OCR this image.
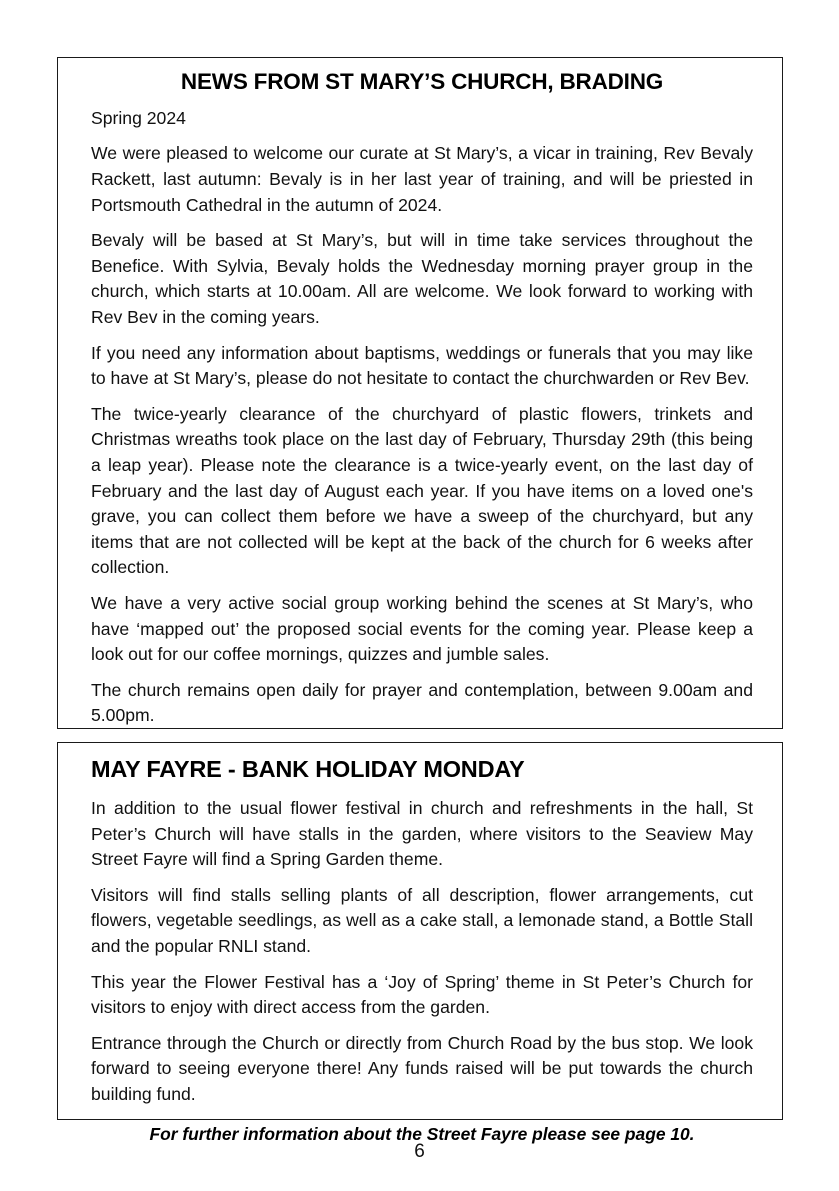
NEWS FROM ST MARY’S CHURCH, BRADING

Spring 2024

We were pleased to welcome our curate at St Mary’s, a vicar in training, Rev Bevaly Rackett, last autumn: Bevaly is in her last year of training, and will be priested in Portsmouth Cathedral in the autumn of 2024.

Bevaly will be based at St Mary’s, but will in time take services throughout the Benefice. With Sylvia, Bevaly holds the Wednesday morning prayer group in the church, which starts at 10.00am. All are welcome. We look forward to working with Rev Bev in the coming years.

If you need any information about baptisms, weddings or funerals that you may like to have at St Mary’s, please do not hesitate to contact the churchwarden or Rev Bev.

The twice-yearly clearance of the churchyard of plastic flowers, trinkets and Christmas wreaths took place on the last day of February, Thursday 29th (this being a leap year). Please note the clearance is a twice-yearly event, on the last day of February and the last day of August each year. If you have items on a loved one's grave, you can collect them before we have a sweep of the churchyard, but any items that are not collected will be kept at the back of the church for 6 weeks after collection.

We have a very active social group working behind the scenes at St Mary’s, who have ‘mapped out’ the proposed social events for the coming year. Please keep a look out for our coffee mornings, quizzes and jumble sales.

The church remains open daily for prayer and contemplation, between 9.00am and 5.00pm.

MAY FAYRE - BANK HOLIDAY MONDAY

In addition to the usual flower festival in church and refreshments in the hall, St Peter’s Church will have stalls in the garden, where visitors to the Seaview May Street Fayre will find a Spring Garden theme.

Visitors will find stalls selling plants of all description, flower arrangements, cut flowers, vegetable seedlings, as well as a cake stall, a lemonade stand, a Bottle Stall and the popular RNLI stand.

This year the Flower Festival has a ‘Joy of Spring’ theme in St Peter’s Church for visitors to enjoy with direct access from the garden.

Entrance through the Church or directly from Church Road by the bus stop. We look forward to seeing everyone there! Any funds raised will be put towards the church building fund.

For further information about the Street Fayre please see page 10.

6
